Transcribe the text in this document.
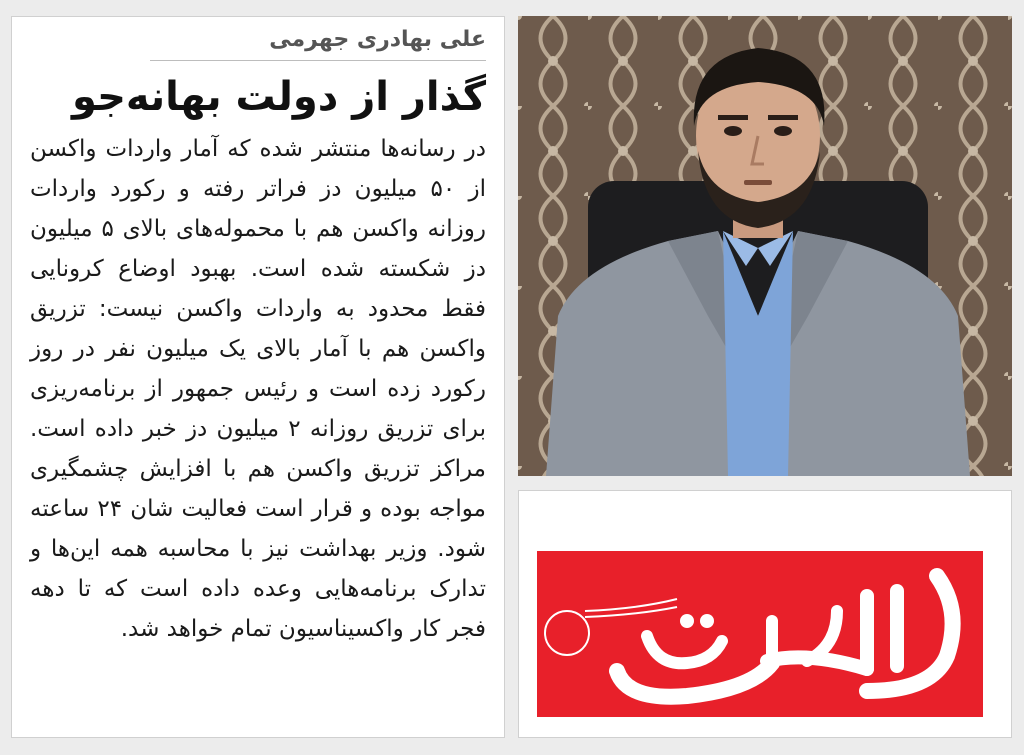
علی بهادری جهرمی
گذار از دولت بهانه‌جو
در رسانه‌ها منتشر شده که آمار واردات واکسن از ۵۰ میلیون دز فراتر رفته و رکورد واردات روزانه واکسن هم با محموله‌های بالای ۵ میلیون دز شکسته شده است. بهبود اوضاع کرونایی فقط محدود به واردات واکسن نیست: تزریق واکسن هم با آمار بالای یک میلیون نفر در روز رکورد زده است و رئیس جمهور از برنامه‌ریزی برای تزریق روزانه ۲ میلیون دز خبر داده است. مراکز تزریق واکسن هم با افزایش چشمگیری مواجه بوده و قرار است فعالیت شان ۲۴ ساعته شود. وزیر بهداشت نیز با محاسبه همه این‌ها و تدارک برنامه‌هایی وعده داده است که تا دهه فجر کار واکسیناسیون تمام خواهد شد.
